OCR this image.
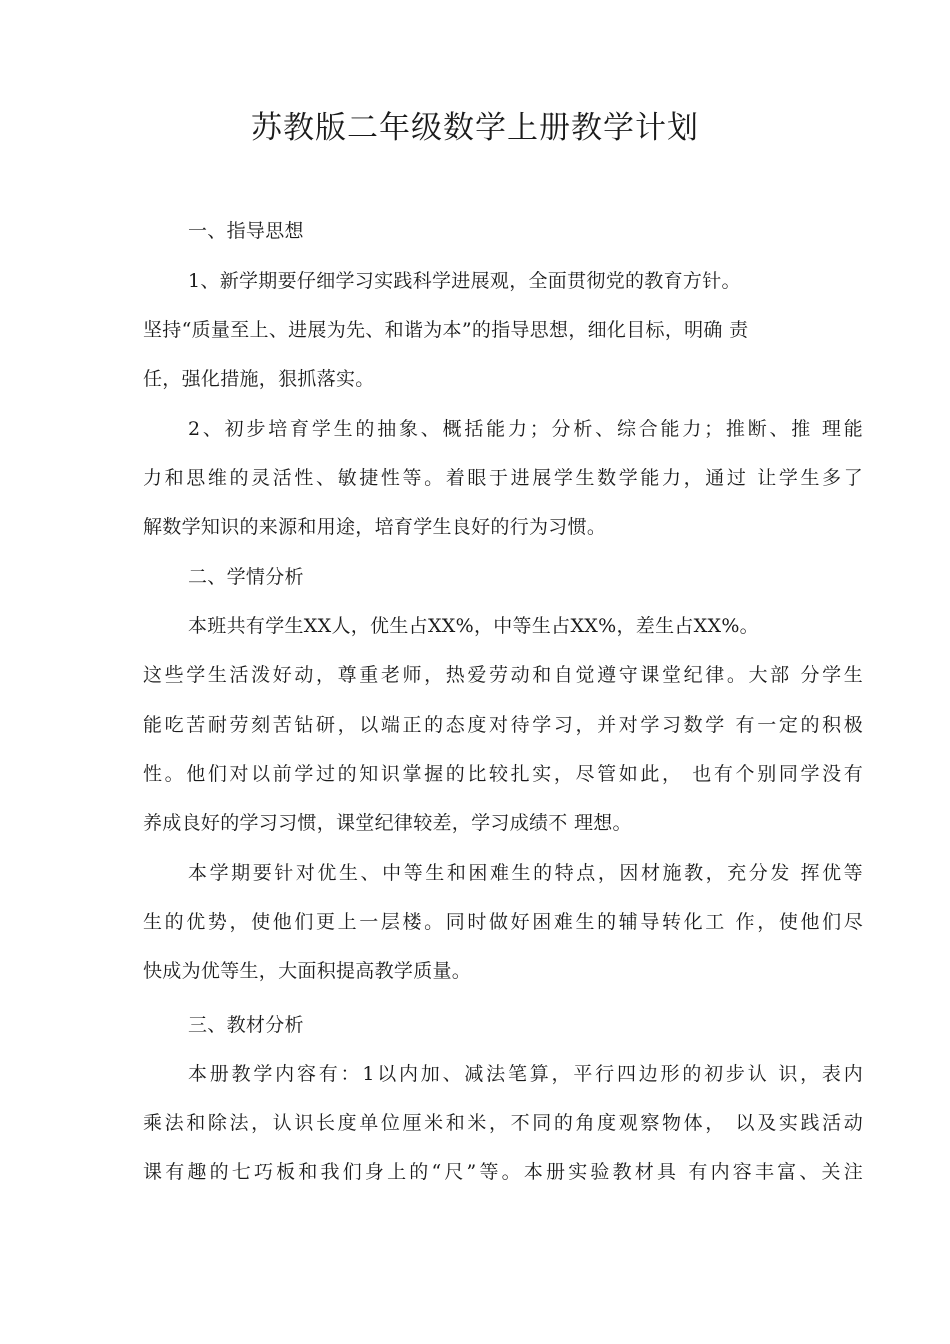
苏教版二年级数学上册教学计划

一、指导思想

1、新学期要仔细学习实践科学进展观，全面贯彻党的教育方针。

坚持“质量至上、进展为先、和谐为本”的指导思想，细化目标，明确 责

任，强化措施，狠抓落实。

2、初步培育学生的抽象、概括能力；分析、综合能力；推断、推 理能

力和思维的灵活性、敏捷性等。着眼于进展学生数学能力，通过 让学生多了

解数学知识的来源和用途，培育学生良好的行为习惯。

二、学情分析

本班共有学生XX人，优生占XX%，中等生占XX%，差生占XX%。

这些学生活泼好动，尊重老师，热爱劳动和自觉遵守课堂纪律。大部 分学生

能吃苦耐劳刻苦钻研，以端正的态度对待学习，并对学习数学 有一定的积极

性。他们对以前学过的知识掌握的比较扎实，尽管如此， 也有个别同学没有

养成良好的学习习惯，课堂纪律较差，学习成绩不 理想。

本学期要针对优生、中等生和困难生的特点，因材施教，充分发 挥优等

生的优势，使他们更上一层楼。同时做好困难生的辅导转化工 作，使他们尽

快成为优等生，大面积提高教学质量。

三、教材分析

本册教学内容有：1以内加、减法笔算，平行四边形的初步认 识，表内

乘法和除法，认识长度单位厘米和米，不同的角度观察物体， 以及实践活动

课有趣的七巧板和我们身上的“尺”等。本册实验教材具 有内容丰富、关注
